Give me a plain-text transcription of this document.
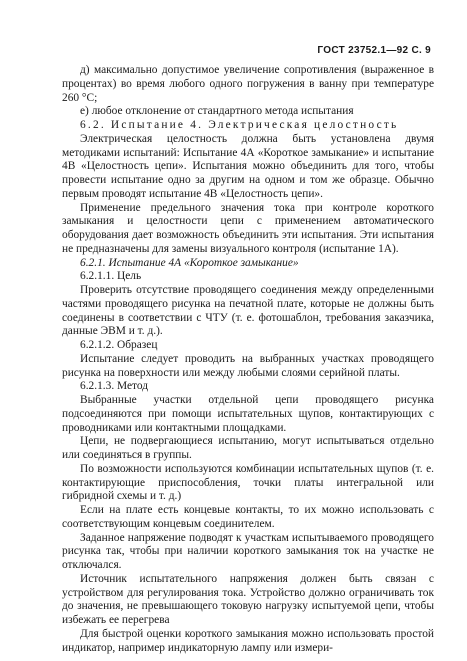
ГОСТ 23752.1—92 С. 9

д) максимально допустимое увеличение сопротивления (выраженное в процентах) во время любого одного погружения в ванну при температуре 260 °С;

е) любое отклонение от стандартного метода испытания

6.2. Испытание 4. Электрическая целостность

Электрическая целостность должна быть установлена двумя методиками испытаний: Испытание 4А «Короткое замыкание» и испытание 4В «Целостность цепи». Испытания можно объединить для того, чтобы провести испытание одно за другим на одном и том же образце. Обычно первым проводят испытание 4В «Целостность цепи».

Применение предельного значения тока при контроле короткого замыкания и целостности цепи с применением автоматического оборудования дает возможность объединить эти испытания. Эти испытания не предназначены для замены визуального контроля (испытание 1А).

6.2.1. Испытание 4А «Короткое замыкание»

6.2.1.1. Цель

Проверить отсутствие проводящего соединения между определенными частями проводящего рисунка на печатной плате, которые не должны быть соединены в соответствии с ЧТУ (т. е. фотошаблон, требования заказчика, данные ЭВМ и т. д.).

6.2.1.2. Образец

Испытание следует проводить на выбранных участках проводящего рисунка на поверхности или между любыми слоями серийной платы.

6.2.1.3. Метод

Выбранные участки отдельной цепи проводящего рисунка подсоединяются при помощи испытательных щупов, контактирующих с проводниками или контактными площадками.

Цепи, не подвергающиеся испытанию, могут испытываться отдельно или соединяться в группы.

По возможности используются комбинации испытательных щупов (т. е. контактирующие приспособления, точки платы интегральной или гибридной схемы и т. д.)

Если на плате есть концевые контакты, то их можно использовать с соответствующим концевым соединителем.

Заданное напряжение подводят к участкам испытываемого проводящего рисунка так, чтобы при наличии короткого замыкания ток на участке не отключался.

Источник испытательного напряжения должен быть связан с устройством для регулирования тока. Устройство должно ограничивать ток до значения, не превышающего токовую нагрузку испытуемой цепи, чтобы избежать ее перегрева

Для быстрой оценки короткого замыкания можно использовать простой индикатор, например индикаторную лампу или измери-
